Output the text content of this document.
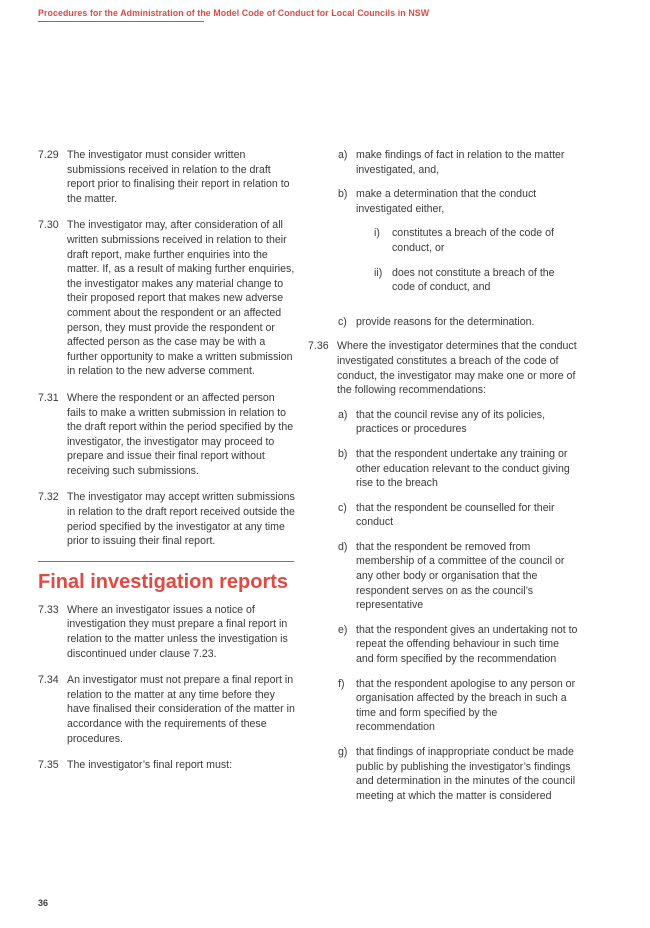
Procedures for the Administration of the Model Code of Conduct for Local Councils in NSW
7.29 The investigator must consider written submissions received in relation to the draft report prior to finalising their report in relation to the matter.
7.30 The investigator may, after consideration of all written submissions received in relation to their draft report, make further enquiries into the matter. If, as a result of making further enquiries, the investigator makes any material change to their proposed report that makes new adverse comment about the respondent or an affected person, they must provide the respondent or affected person as the case may be with a further opportunity to make a written submission in relation to the new adverse comment.
7.31 Where the respondent or an affected person fails to make a written submission in relation to the draft report within the period specified by the investigator, the investigator may proceed to prepare and issue their final report without receiving such submissions.
7.32 The investigator may accept written submissions in relation to the draft report received outside the period specified by the investigator at any time prior to issuing their final report.
Final investigation reports
7.33 Where an investigator issues a notice of investigation they must prepare a final report in relation to the matter unless the investigation is discontinued under clause 7.23.
7.34 An investigator must not prepare a final report in relation to the matter at any time before they have finalised their consideration of the matter in accordance with the requirements of these procedures.
7.35 The investigator’s final report must:
a) make findings of fact in relation to the matter investigated, and,
b) make a determination that the conduct investigated either,
i)	constitutes a breach of the code of conduct, or
ii) does not constitute a breach of the code of conduct, and
c) provide reasons for the determination.
7.36 Where the investigator determines that the conduct investigated constitutes a breach of the code of conduct, the investigator may make one or more of the following recommendations:
a) that the council revise any of its policies, practices or procedures
b) that the respondent undertake any training or other education relevant to the conduct giving rise to the breach
c) that the respondent be counselled for their conduct
d) that the respondent be removed from membership of a committee of the council or any other body or organisation that the respondent serves on as the council’s representative
e) that the respondent gives an undertaking not to repeat the offending behaviour in such time and form specified by the recommendation
f)	that the respondent apologise to any person or organisation affected by the breach in such a time and form specified by the recommendation
g) that findings of inappropriate conduct be made public by publishing the investigator’s findings and determination in the minutes of the council meeting at which the matter is considered
36
